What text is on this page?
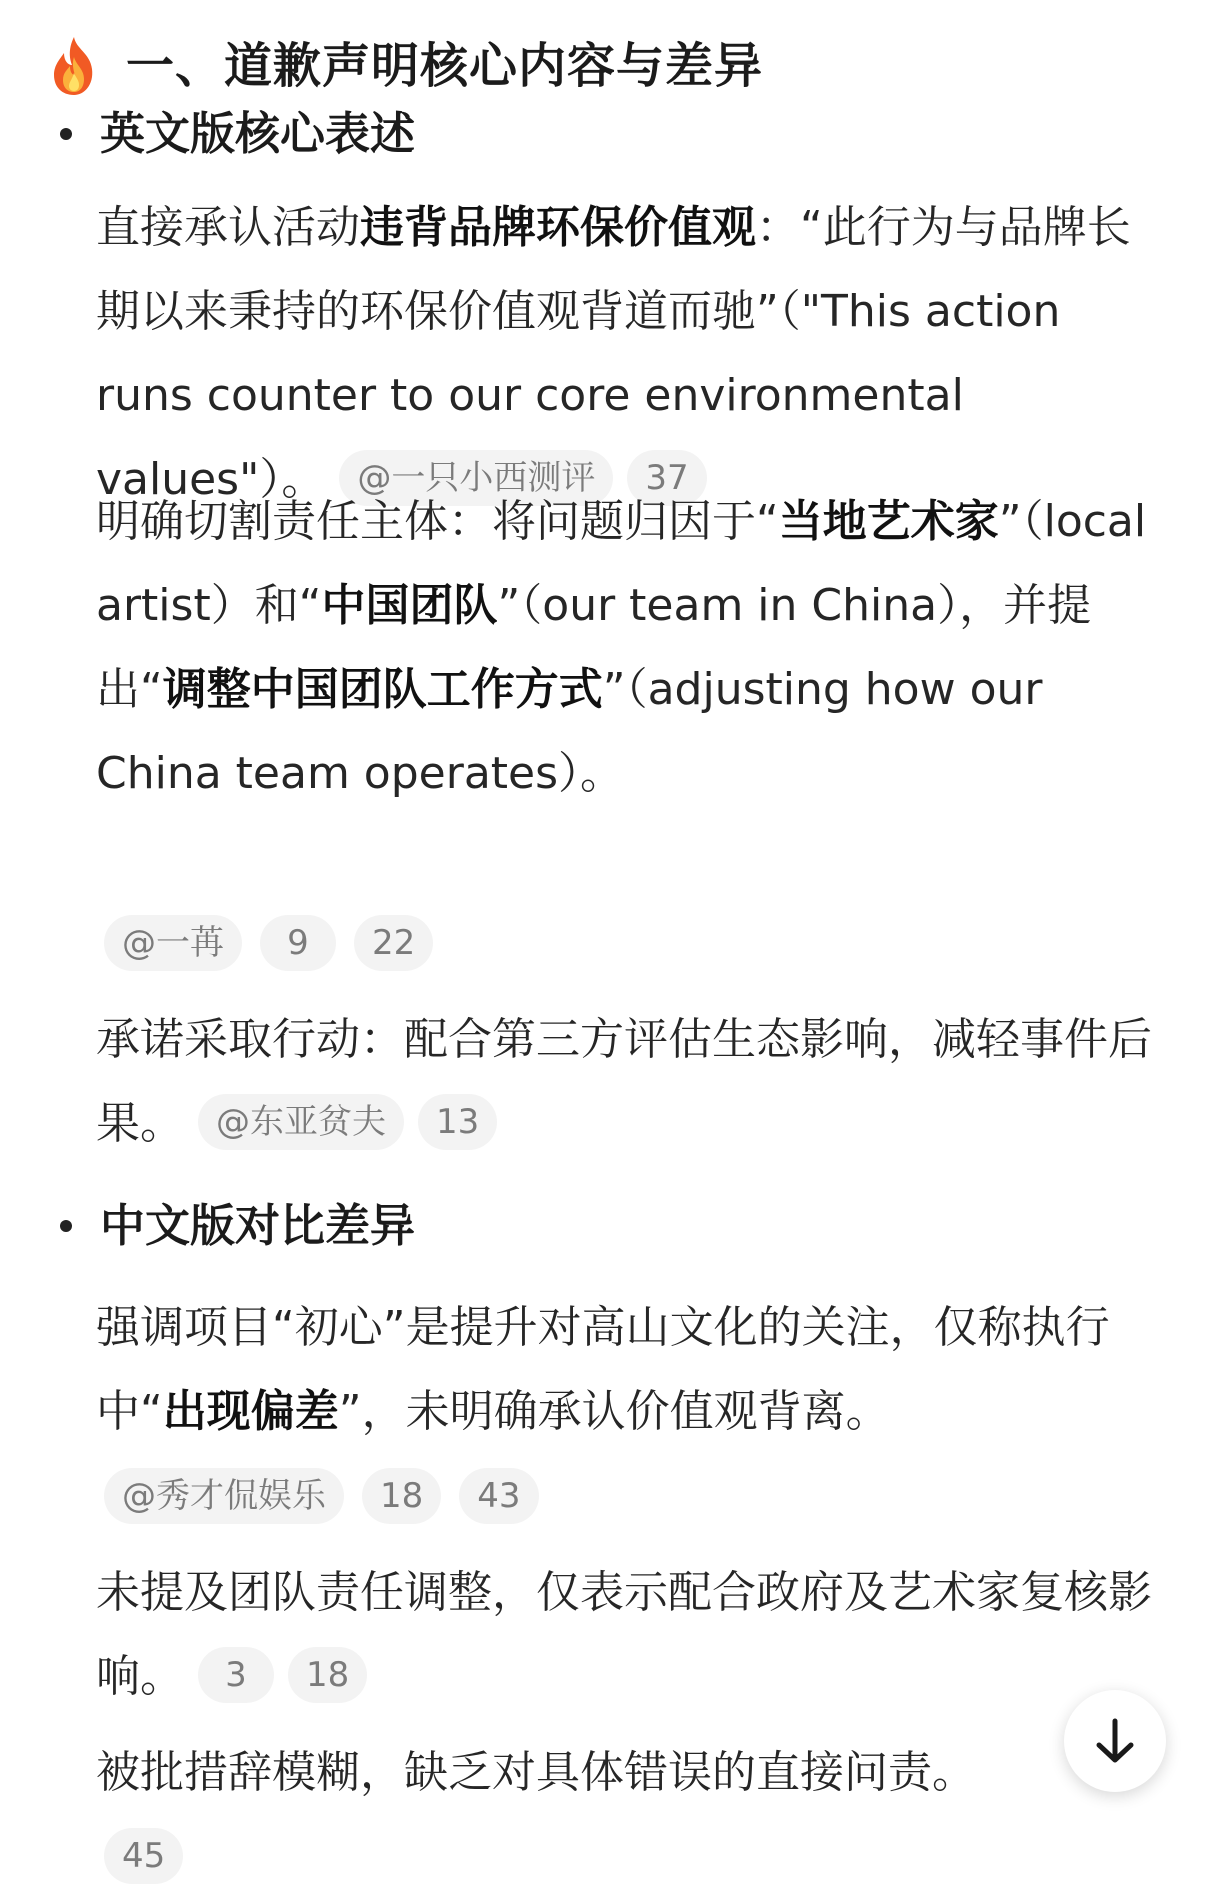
一、道歉声明核心内容与差异
英文版核心表述
直接承认活动违背品牌环保价值观：“此行为与品牌长期以来秉持的环保价值观背道而驰”（"This action runs counter to our core environmental values"）。 @一只小西测评 37
明确切割责任主体：将问题归因于“当地艺术家”（local artist）和“中国团队”（our team in China），并提出“调整中国团队工作方式”（adjusting how our China team operates）。
@一苒	9	22
承诺采取行动：配合第三方评估生态影响，减轻事件后果。 @东亚贫夫 13
中文版对比差异
强调项目“初心”是提升对高山文化的关注，仅称执行中“出现偏差”，未明确承认价值观背离。
@秀才侃娱乐	18	43
未提及团队责任调整，仅表示配合政府及艺术家复核影响。 3 18
被批措辞模糊，缺乏对具体错误的直接问责。
45
